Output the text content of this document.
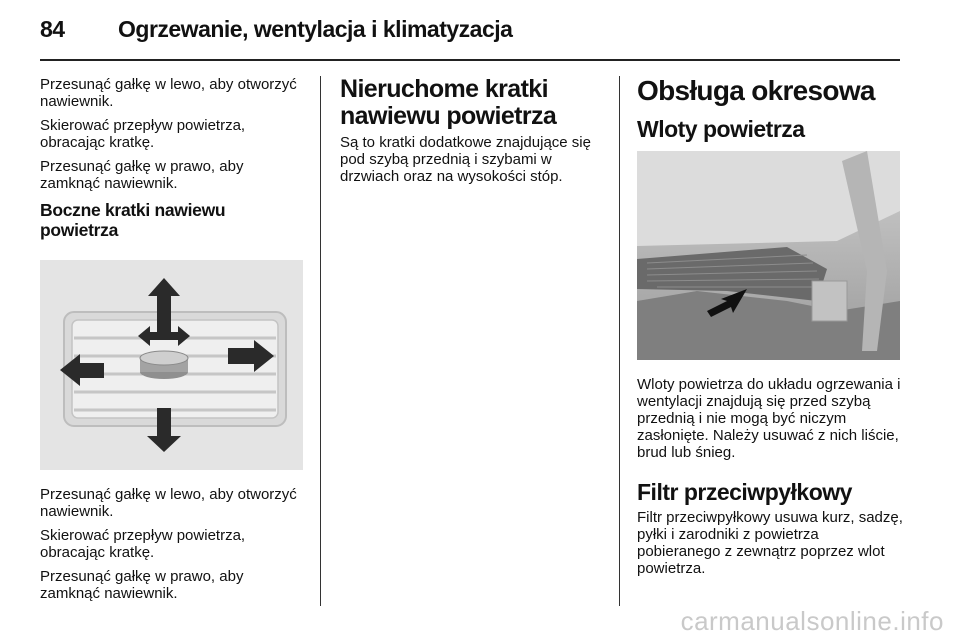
84 Ogrzewanie, wentylacja i klimatyzacja

Przesunąć gałkę w lewo, aby otworzyć nawiewnik.

Skierować przepływ powietrza, obracając kratkę.

Przesunąć gałkę w prawo, aby zamknąć nawiewnik.

Boczne kratki nawiewu powietrza

Przesunąć gałkę w lewo, aby otworzyć nawiewnik.

Skierować przepływ powietrza, obracając kratkę.

Przesunąć gałkę w prawo, aby zamknąć nawiewnik.

Nieruchome kratki nawiewu powietrza

Są to kratki dodatkowe znajdujące się pod szybą przednią i szybami w drzwiach oraz na wysokości stóp.

Obsługa okresowa
Wloty powietrza

Wloty powietrza do układu ogrzewania i wentylacji znajdują się przed szybą przednią i nie mogą być niczym zasłonięte. Należy usuwać z nich liście, brud lub śnieg.

Filtr przeciwpyłkowy

Filtr przeciwpyłkowy usuwa kurz, sadzę, pyłki i zarodniki z powietrza pobieranego z zewnątrz poprzez wlot powietrza.

carmanualsonline.info
